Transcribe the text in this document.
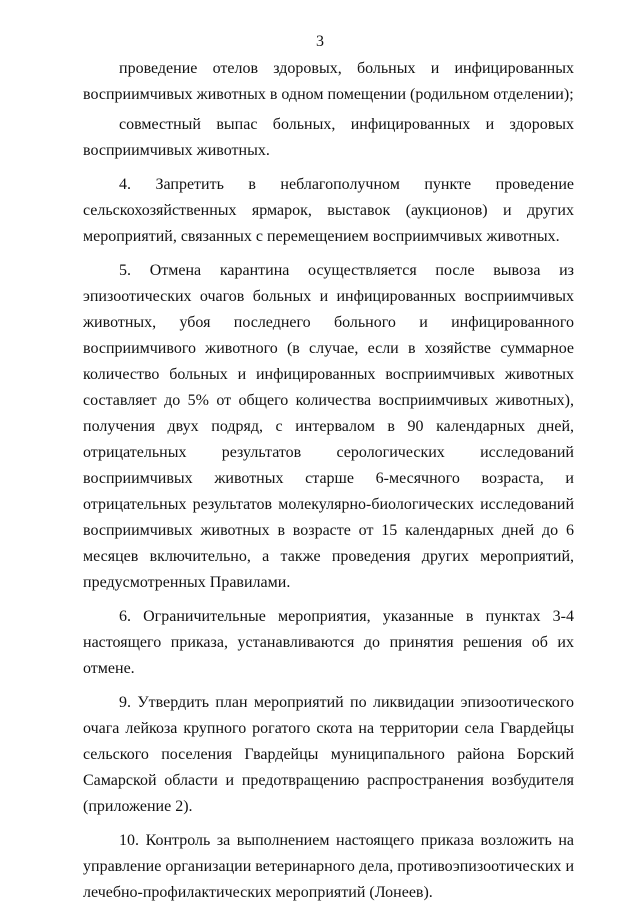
3

проведение отелов здоровых, больных и инфицированных восприимчивых животных в одном помещении (родильном отделении);

совместный выпас больных, инфицированных и здоровых восприимчивых животных.

4. Запретить в неблагополучном пункте проведение сельскохозяйственных ярмарок, выставок (аукционов) и других мероприятий, связанных с перемещением восприимчивых животных.

5. Отмена карантина осуществляется после вывоза из эпизоотических очагов больных и инфицированных восприимчивых животных, убоя последнего больного и инфицированного восприимчивого животного (в случае, если в хозяйстве суммарное количество больных и инфицированных восприимчивых животных составляет до 5% от общего количества восприимчивых животных), получения двух подряд, с интервалом в 90 календарных дней, отрицательных результатов серологических исследований восприимчивых животных старше 6-месячного возраста, и отрицательных результатов молекулярно-биологических исследований восприимчивых животных в возрасте от 15 календарных дней до 6 месяцев включительно, а также проведения других мероприятий, предусмотренных Правилами.

6. Ограничительные мероприятия, указанные в пунктах 3-4 настоящего приказа, устанавливаются до принятия решения об их отмене.

9. Утвердить план мероприятий по ликвидации эпизоотического очага лейкоза крупного рогатого скота на территории села Гвардейцы сельского поселения Гвардейцы муниципального района Борский Самарской области и предотвращению распространения возбудителя (приложение 2).

10. Контроль за выполнением настоящего приказа возложить на управление организации ветеринарного дела, противоэпизоотических и лечебно-профилактических мероприятий (Лонеев).
